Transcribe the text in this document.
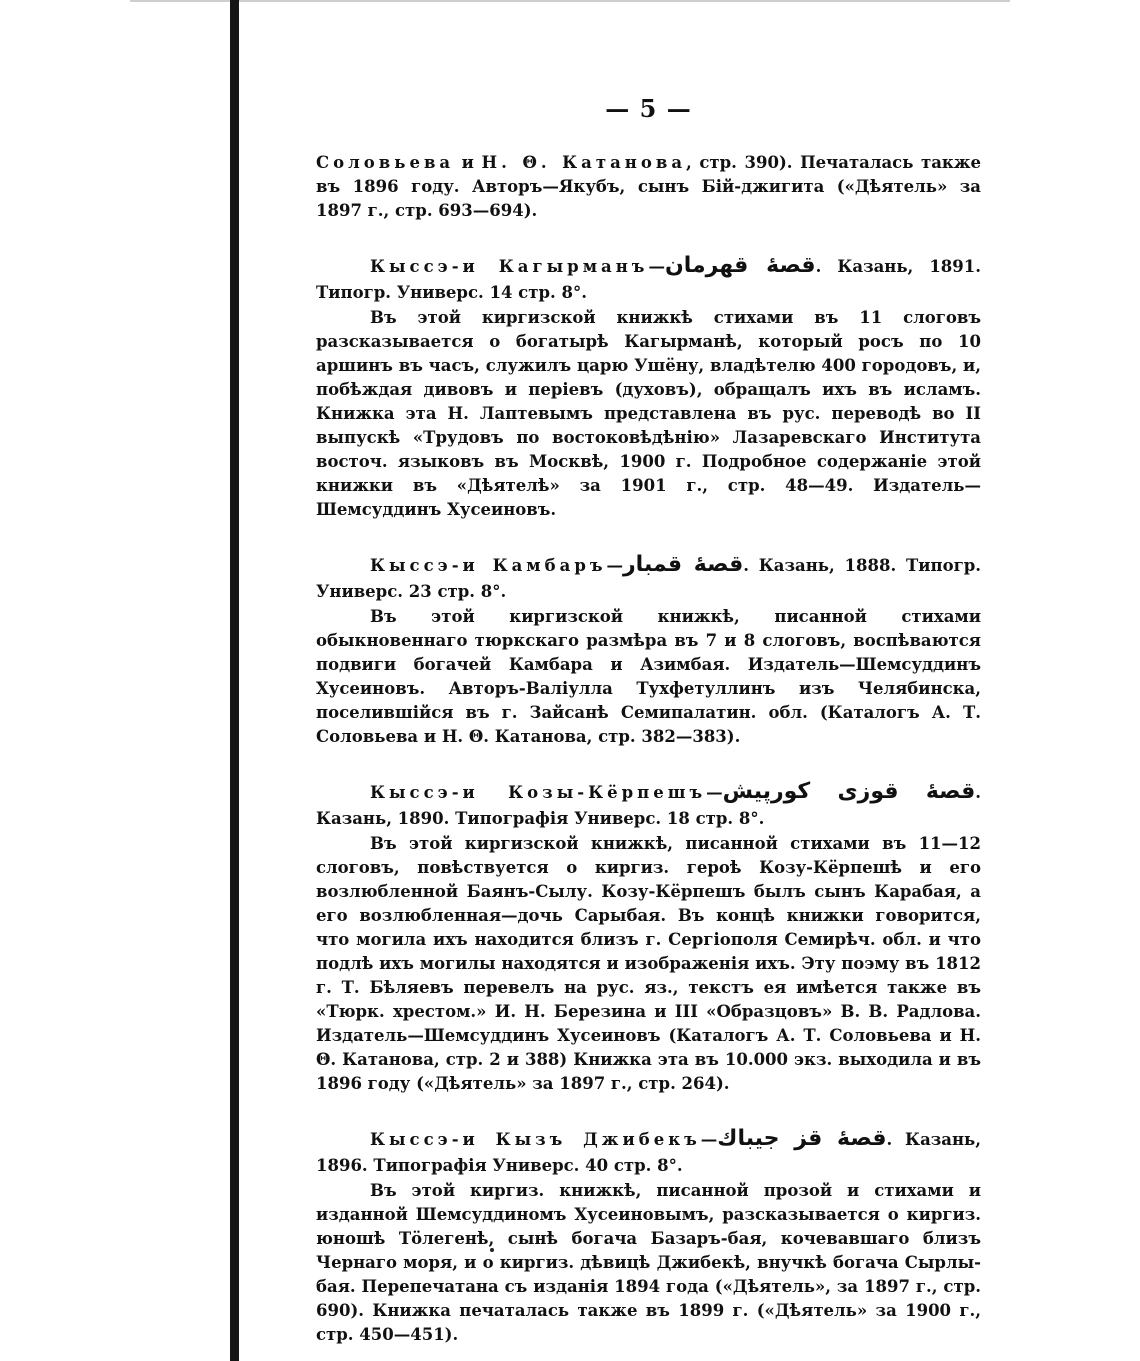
— 5 —

Соловьева и Н. Θ. Катанова, стр. 390). Печаталась также въ 1896 году. Авторъ—Якубъ, сынъ Бій-джигита («Дѣятель» за 1897 г., стр. 693—694).

Кыссэ-и Кагырманъ—قصهٔ قهرمان. Казань, 1891. Типогр. Универс. 14 стр. 8°.

Въ этой киргизской книжкѣ стихами въ 11 слоговъ разсказывается о богатырѣ Кагырманѣ, который росъ по 10 аршинъ въ часъ, служилъ царю Ушёну, владѣтелю 400 городовъ, и, побѣждая дивовъ и періевъ (духовъ), обращалъ ихъ въ исламъ. Книжка эта Н. Лаптевымъ представлена въ рус. переводѣ во II выпускѣ «Трудовъ по востоковѣдѣнію» Лазаревскаго Института восточ. языковъ въ Москвѣ, 1900 г. Подробное содержаніе этой книжки въ «Дѣятелѣ» за 1901 г., стр. 48—49. Издатель—Шемсуддинъ Хусеиновъ.

Кыссэ-и Камбаръ—قصهٔ قمبار. Казань, 1888. Типогр. Универс. 23 стр. 8°.

Въ этой киргизской книжкѣ, писанной стихами обыкновеннаго тюркскаго размѣра въ 7 и 8 слоговъ, воспѣваются подвиги богачей Камбара и Азимбая. Издатель—Шемсуддинъ Хусеиновъ. Авторъ-Валіулла Тухфетуллинъ изъ Челябинска, поселившійся въ г. Зайсанѣ Семипалатин. обл. (Каталогъ А. Т. Соловьева и Н. Θ. Катанова, стр. 382—383).

Кыссэ-и Козы-Кёрпешъ—قصهٔ قوزی کورپیش. Казань, 1890. Типографія Универс. 18 стр. 8°.

Въ этой киргизской книжкѣ, писанной стихами въ 11—12 слоговъ, повѣствуется о киргиз. героѣ Козу-Кёрпешѣ и его возлюбленной Баянъ-Сылу. Козу-Кёрпешъ былъ сынъ Карабая, а его возлюбленная—дочь Сарыбая. Въ концѣ книжки говорится, что могила ихъ находится близъ г. Сергіополя Семирѣч. обл. и что подлѣ ихъ могилы находятся и изображенія ихъ. Эту поэму въ 1812 г. Т. Бѣляевъ перевелъ на рус. яз., текстъ ея имѣется также въ «Тюрк. хрестом.» И. Н. Березина и III «Образцовъ» В. В. Радлова. Издатель—Шемсуддинъ Хусеиновъ (Каталогъ А. Т. Соловьева и Н. Θ. Катанова, стр. 2 и 388) Книжка эта въ 10.000 экз. выходила и въ 1896 году («Дѣятель» за 1897 г., стр. 264).

Кыссэ-и Кызъ Джибекъ—قصهٔ قز جیباك. Казань, 1896. Типографія Универс. 40 стр. 8°.

Въ этой киргиз. книжкѣ, писанной прозой и стихами и изданной Шемсуддиномъ Хусеиновымъ, разсказывается о киргиз. юношѣ Тӧлегенѣ, сынѣ богача Базаръ-бая, кочевавшаго близъ Чернаго моря, и о киргиз. дѣвицѣ Джибекѣ, внучкѣ богача Сырлы-бая. Перепечатана съ изданія 1894 года («Дѣятель», за 1897 г., стр. 690). Книжка печаталась также въ 1899 г. («Дѣятель» за 1900 г., стр. 450—451).
